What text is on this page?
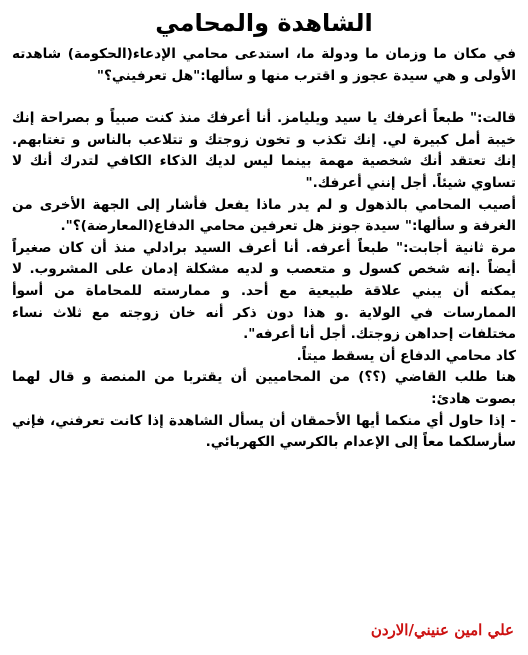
الشاهدة والمحامي

في مكان ما وزمان ما ودولة ما، استدعى محامي الإدعاء(الحكومة) شاهدته الأولى و هي سيدة عجوز و اقترب منها و سألها:"هل تعرفيني؟"

قالت:" طبعاً أعرفك يا سيد ويليامز. أنا أعرفك منذ كنت صبياً و بصراحة إنك خيبة أمل كبيرة لي. إنك تكذب و تخون زوجتك و تتلاعب بالناس و تغتابهم. إنك تعتقد أنك شخصية مهمة بينما ليس لديك الذكاء الكافي لتدرك أنك لا تساوي شيئاً. أجل إنني أعرفك."

أصيب المحامي بالذهول و لم يدر ماذا يفعل فأشار إلى الجهة الأخرى من الغرفة و سألها:" سيدة جونز هل تعرفين محامي الدفاع(المعارضة)؟".

مرة ثانية أجابت:" طبعاً أعرفه. أنا أعرف السيد برادلي منذ أن كان صغيراً أيضاً .إنه شخص كسول و متعصب و لديه مشكلة إدمان على المشروب. لا يمكنه أن يبني علاقة طبيعية مع أحد. و ممارسته للمحاماة من أسوأ الممارسات في الولاية .و هذا دون ذكر أنه خان زوجته مع ثلاث نساء مختلفات إحداهن زوجتك. أجل أنا أعرفه".

كاد محامي الدفاع أن يسقط ميتاً.

هنا طلب القاضي (؟؟) من المحاميين أن يقتربا من المنصة و قال لهما بصوت هادئ:

- إذا حاول أي منكما أيها الأحمقان أن يسأل الشاهدة إذا كانت تعرفني، فإني سأرسلكما معاً إلى الإعدام بالكرسي الكهربائي.

علي امين عنيني/الاردن
